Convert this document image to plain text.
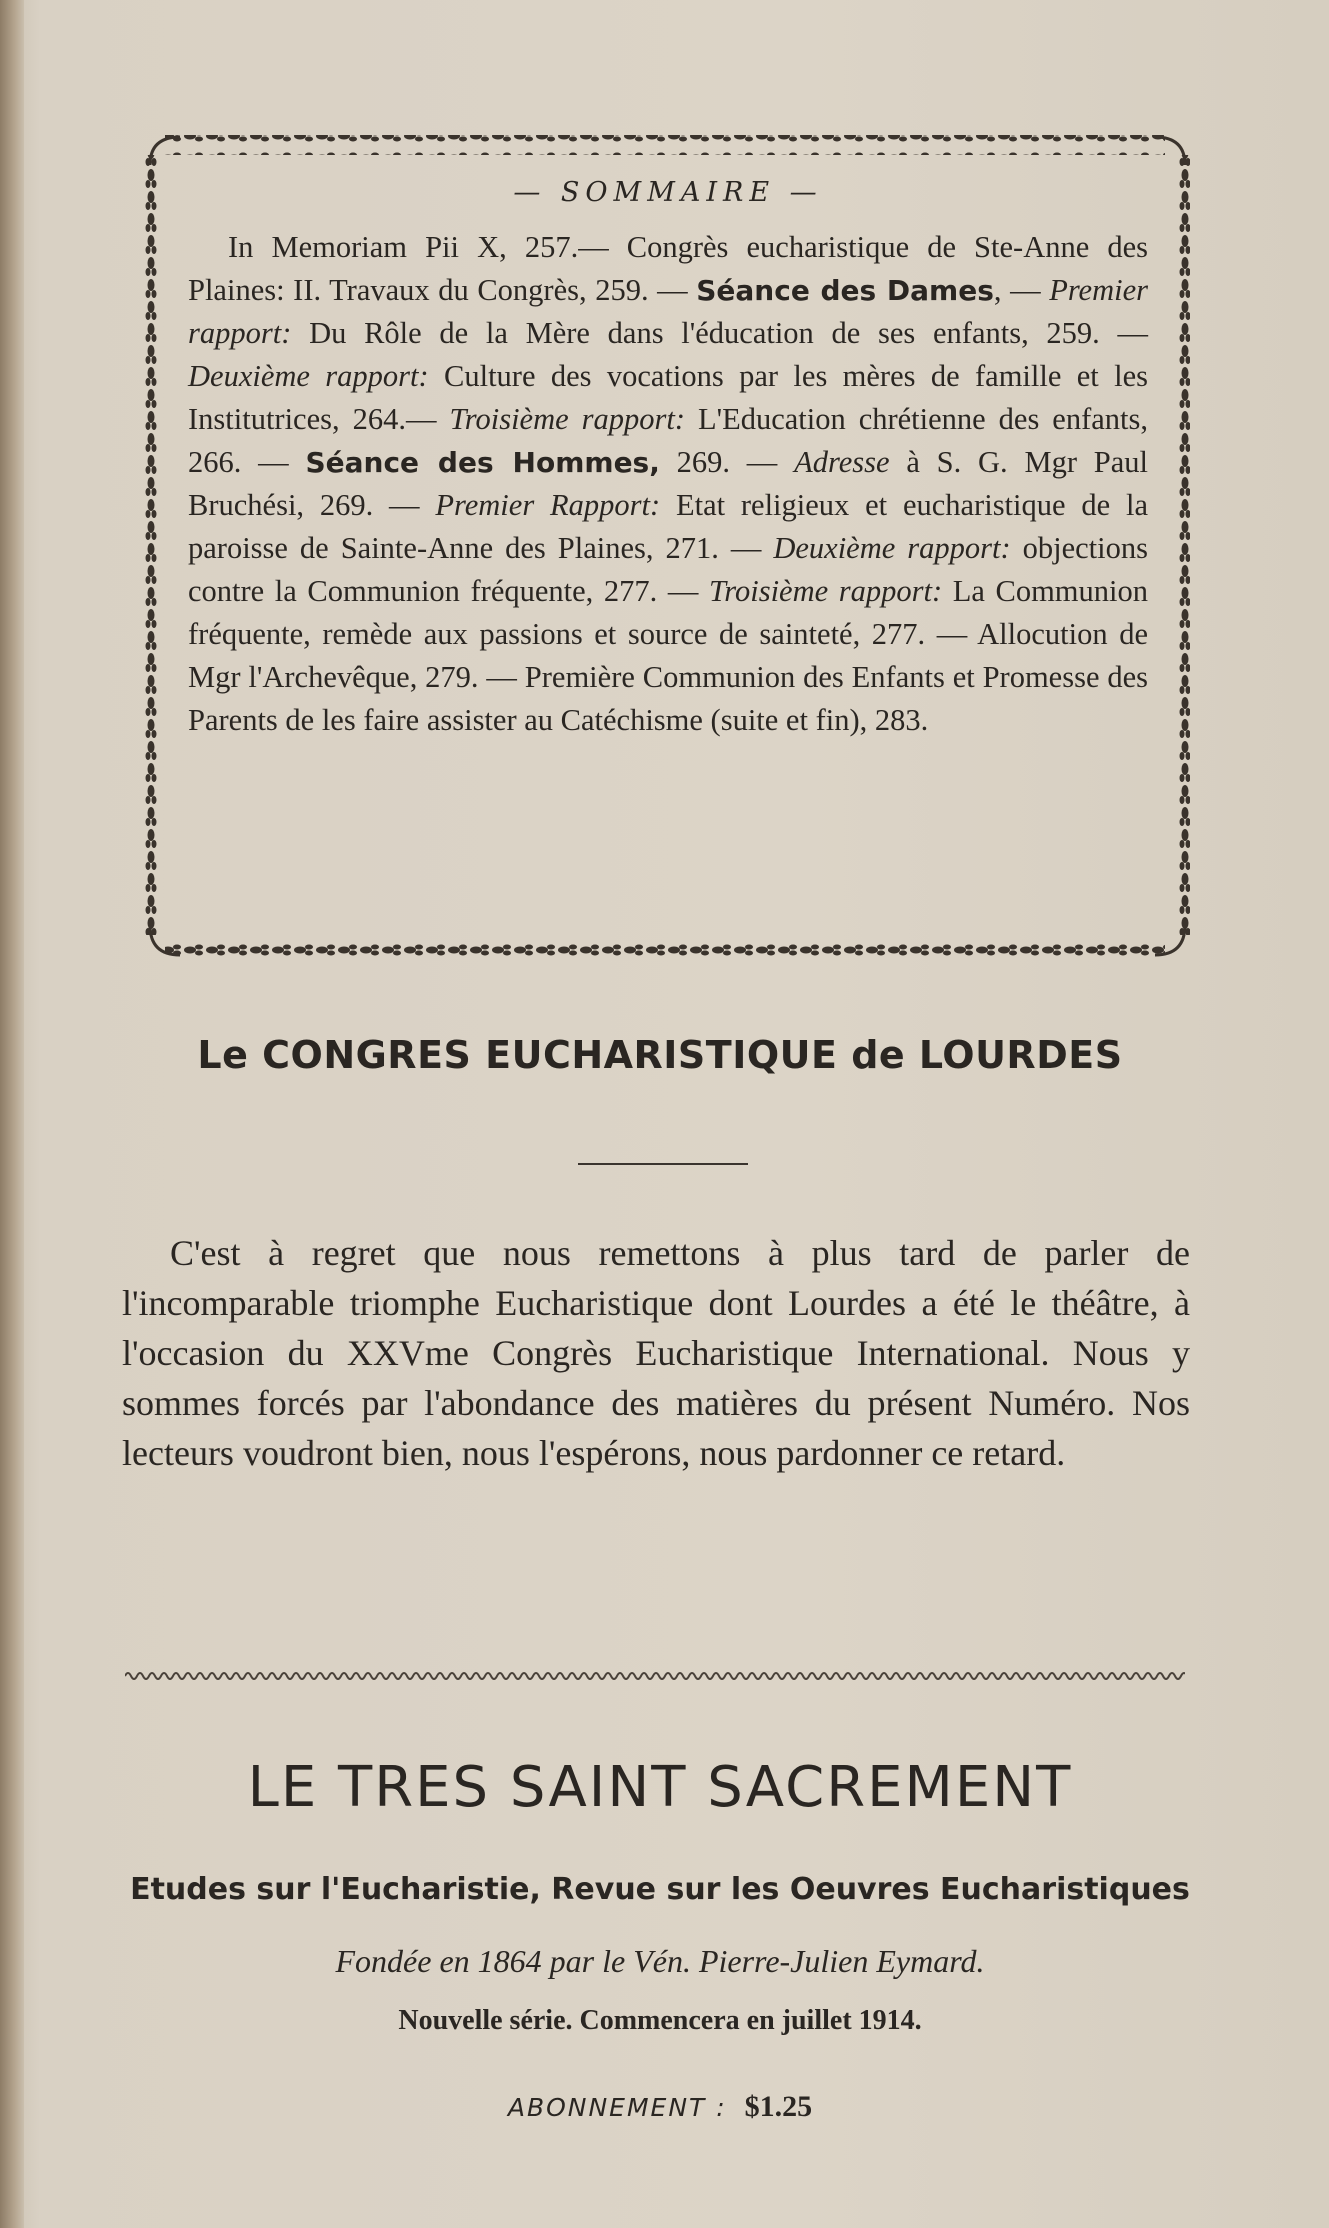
— SOMMAIRE —

In Memoriam Pii X, 257.— Congrès eucharistique de Ste-Anne des Plaines: II. Travaux du Congrès, 259. — Séance des Dames, — Premier rapport: Du Rôle de la Mère dans l'éducation de ses enfants, 259. — Deuxième rapport: Culture des vocations par les mères de famille et les Institutrices, 264.— Troisième rapport: L'Education chrétienne des enfants, 266. — Séance des Hommes, 269. — Adresse à S. G. Mgr Paul Bruchési, 269. — Premier Rapport: Etat religieux et eucharistique de la paroisse de Sainte-Anne des Plaines, 271. — Deuxième rapport: objections contre la Communion fréquente, 277. — Troisième rapport: La Communion fréquente, remède aux passions et source de sainteté, 277. — Allocution de Mgr l'Archevêque, 279. — Première Communion des Enfants et Promesse des Parents de les faire assister au Catéchisme (suite et fin), 283.

Le CONGRES EUCHARISTIQUE de LOURDES

C'est à regret que nous remettons à plus tard de parler de l'incomparable triomphe Eucharistique dont Lourdes a été le théâtre, à l'occasion du XXVme Congrès Eucharistique International. Nous y sommes forcés par l'abondance des matières du présent Numéro. Nos lecteurs voudront bien, nous l'espérons, nous pardonner ce retard.

LE TRES SAINT SACREMENT
Etudes sur l'Eucharistie, Revue sur les Oeuvres Eucharistiques
Fondée en 1864 par le Vén. Pierre-Julien Eymard.
Nouvelle série. Commencera en juillet 1914.
ABONNEMENT : $1.25
